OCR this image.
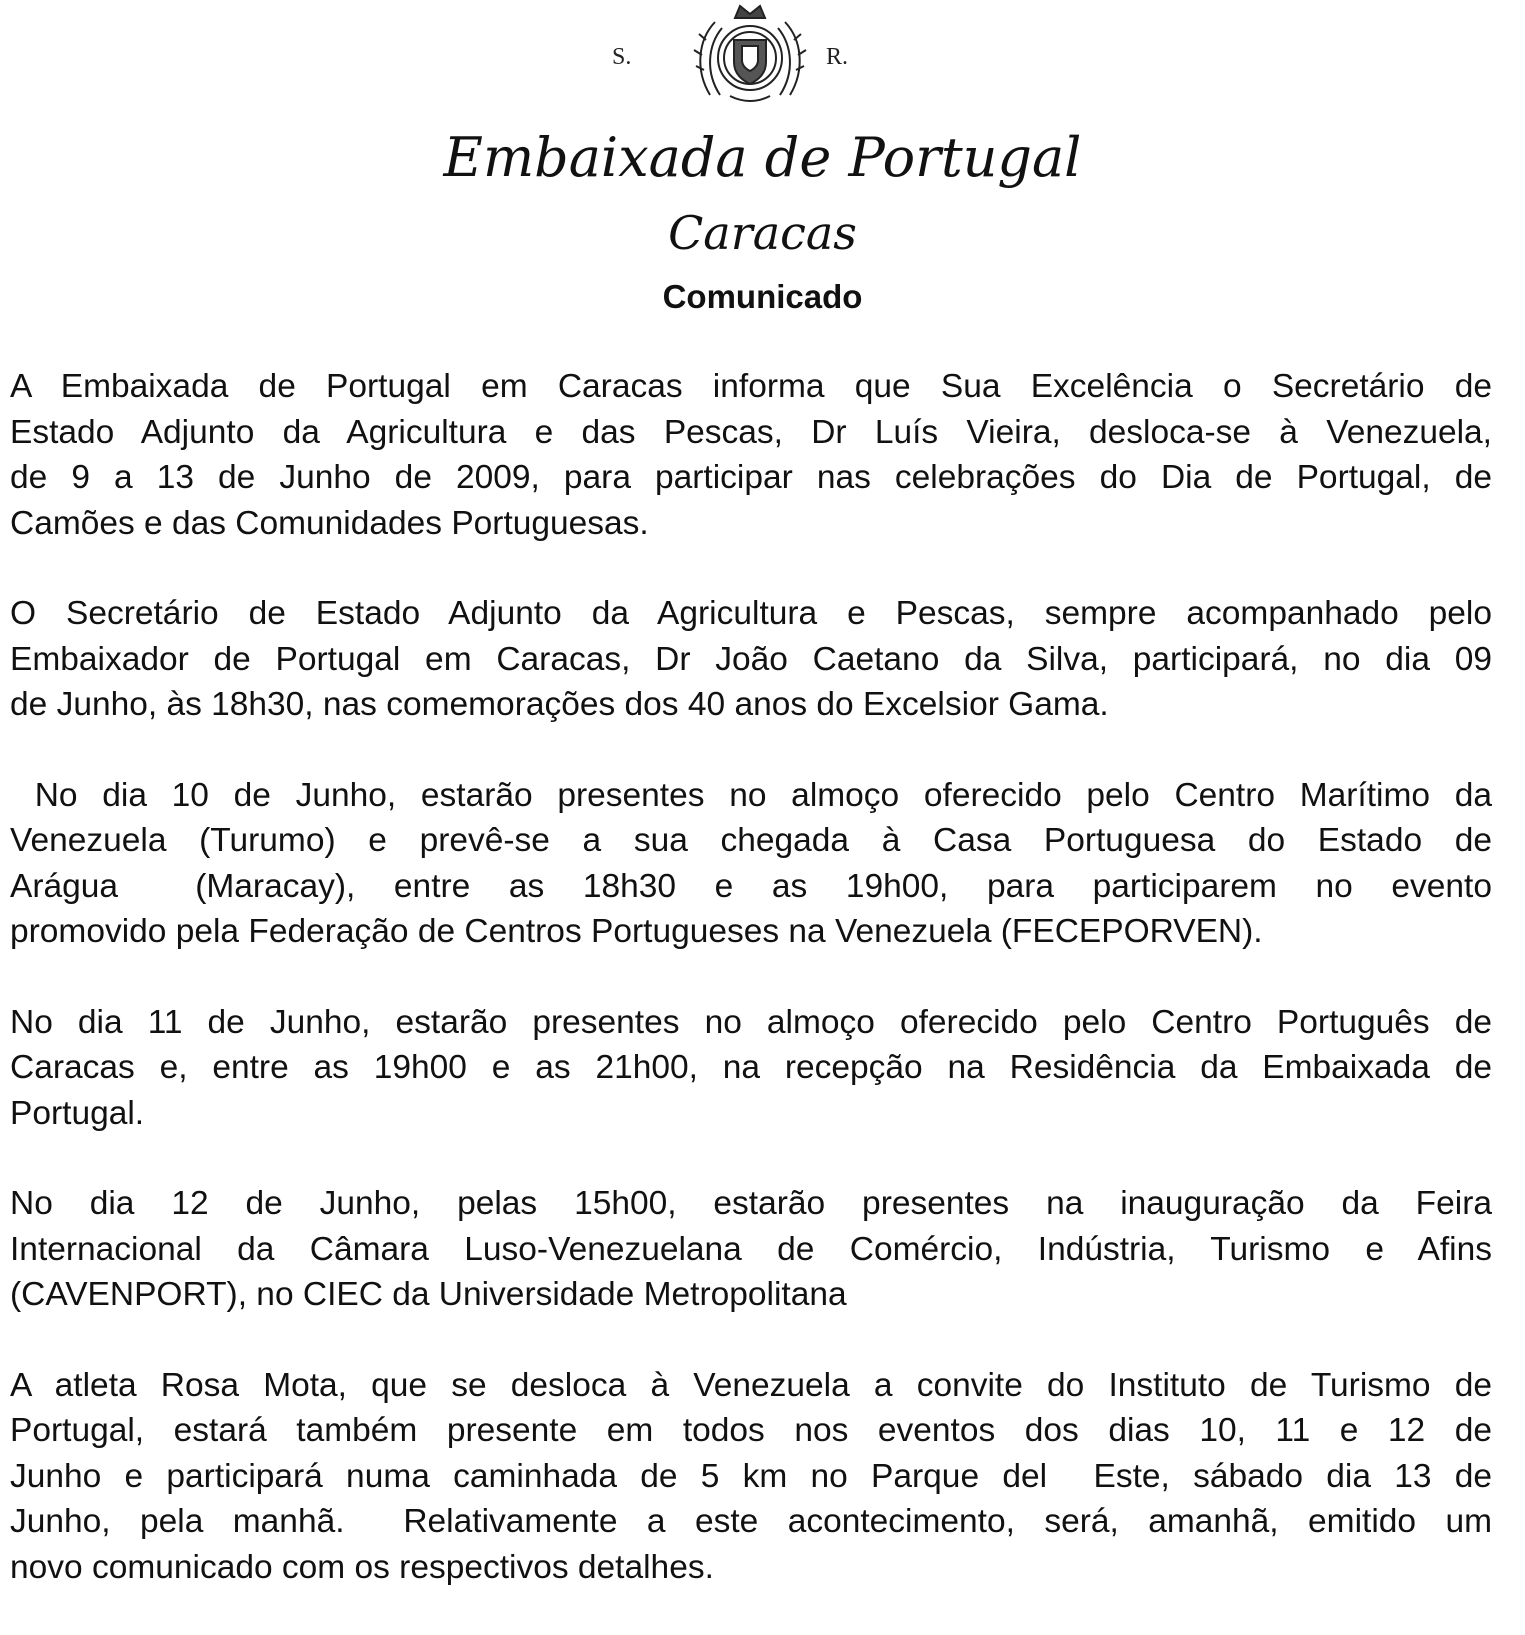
S.	R.
Embaixada de Portugal
Caracas
Comunicado
A Embaixada de Portugal em Caracas informa que Sua Excelência o Secretário de
Estado Adjunto da Agricultura e das Pescas, Dr Luís Vieira, desloca-se à Venezuela,
de 9 a 13 de Junho de 2009, para participar nas celebrações do Dia de Portugal, de
Camões e das Comunidades Portuguesas.
O Secretário de Estado Adjunto da Agricultura e Pescas, sempre acompanhado pelo
Embaixador de Portugal em Caracas, Dr João Caetano da Silva, participará, no dia 09
de Junho, às 18h30, nas comemorações dos 40 anos do Excelsior Gama.
No dia 10 de Junho, estarão presentes no almoço oferecido pelo Centro Marítimo da
Venezuela (Turumo) e prevê-se a sua chegada à Casa Portuguesa do Estado de
Arágua  (Maracay), entre as 18h30 e as 19h00, para participarem no evento
promovido pela Federação de Centros Portugueses na Venezuela (FECEPORVEN).
No dia 11 de Junho, estarão presentes no almoço oferecido pelo Centro Português de
Caracas e, entre as 19h00 e as 21h00, na recepção na Residência da Embaixada de
Portugal.
No dia 12 de Junho, pelas 15h00, estarão presentes na inauguração da Feira
Internacional da Câmara Luso-Venezuelana de Comércio, Indústria, Turismo e Afins
(CAVENPORT), no CIEC da Universidade Metropolitana
A atleta Rosa Mota, que se desloca à Venezuela a convite do Instituto de Turismo de
Portugal, estará também presente em todos nos eventos dos dias 10, 11 e 12 de
Junho e participará numa caminhada de 5 km no Parque del  Este, sábado dia 13 de
Junho, pela manhã.  Relativamente a este acontecimento, será, amanhã, emitido um
novo comunicado com os respectivos detalhes.
